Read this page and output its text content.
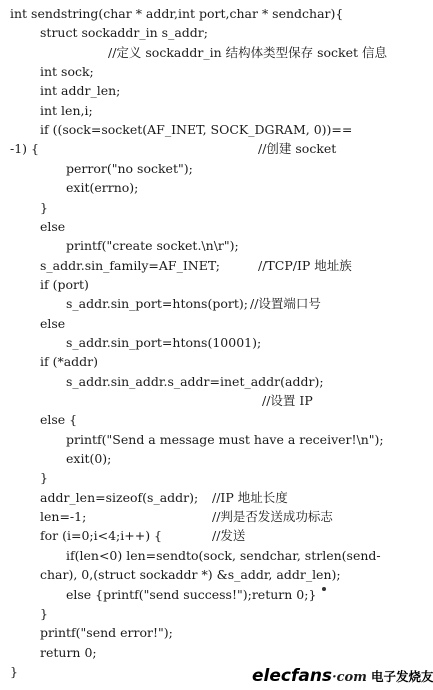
int sendstring(char * addr,int port,char * sendchar){
struct sockaddr_in s_addr;
//定义 sockaddr_in 结构体类型保存 socket 信息
int sock;
int addr_len;
int len,i;
if ((sock=socket(AF_INET, SOCK_DGRAM, 0))==
-1) {	//创建 socket
perror("no socket");
exit(errno);
}
else
printf("create socket.\n\r");
s_addr.sin_family=AF_INET;	//TCP/IP 地址族
if (port)
s_addr.sin_port=htons(port); //设置端口号
else
s_addr.sin_port=htons(10001);
if (*addr)
s_addr.sin_addr.s_addr=inet_addr(addr);
//设置 IP
else {
printf("Send a message must have a receiver!\n");
exit(0);
}
addr_len=sizeof(s_addr); //IP 地址长度
len=-1;	//判是否发送成功标志
for (i=0;i<4;i++) {	//发送
if(len<0) len=sendto(sock, sendchar, strlen(send-
char), 0,(struct sockaddr *) &s_addr, addr_len);
else {printf("send success!");return 0;}
}
printf("send error!");
return 0;
}	elecfans·com 电子发烧友
